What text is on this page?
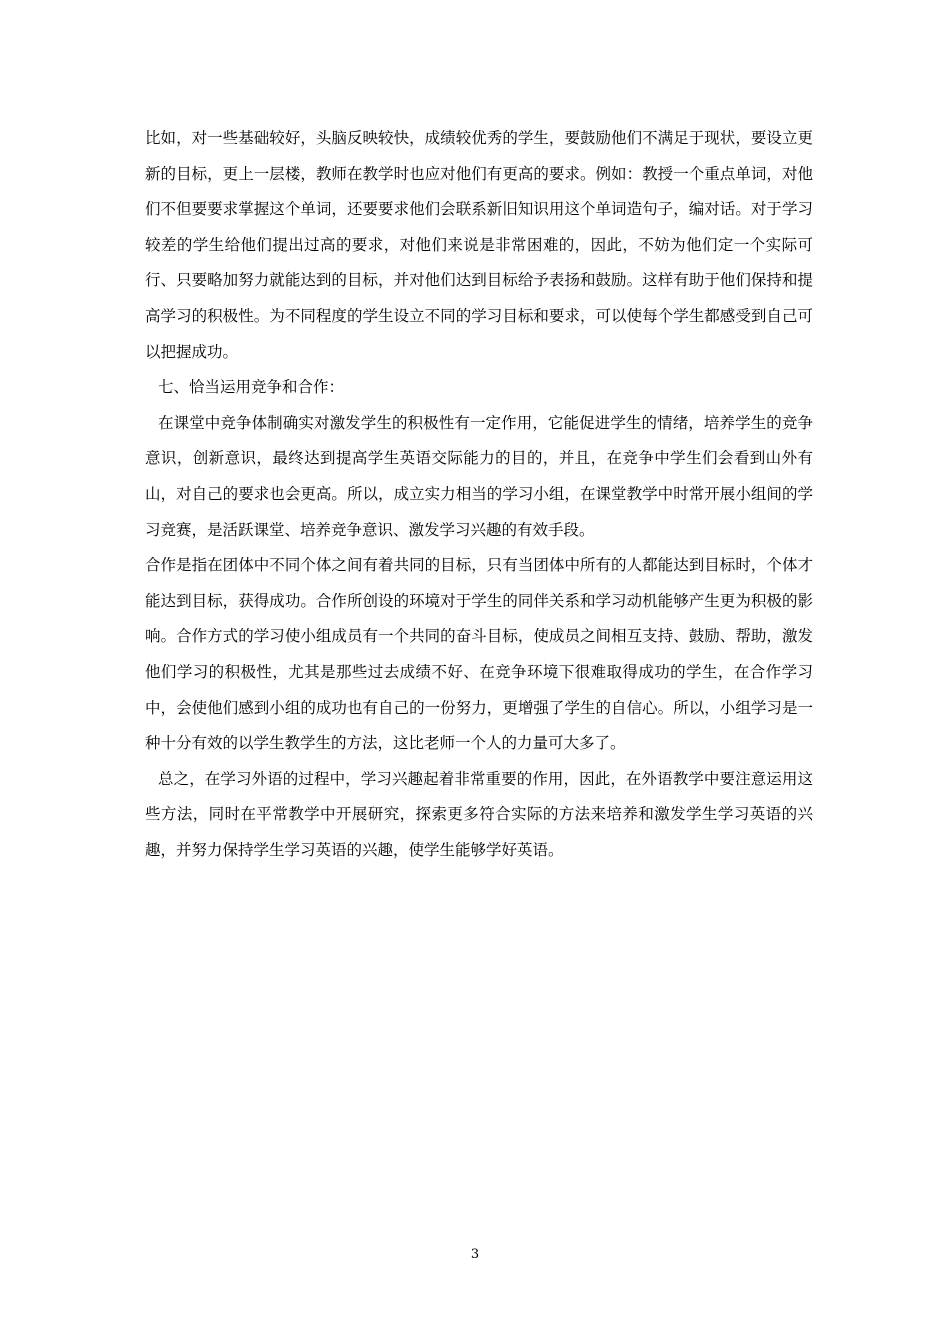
比如，对一些基础较好，头脑反映较快，成绩较优秀的学生，要鼓励他们不满足于现状，要设立更新的目标，更上一层楼，教师在教学时也应对他们有更高的要求。例如：教授一个重点单词，对他们不但要要求掌握这个单词，还要要求他们会联系新旧知识用这个单词造句子，编对话。对于学习较差的学生给他们提出过高的要求，对他们来说是非常困难的，因此，不妨为他们定一个实际可行、只要略加努力就能达到的目标，并对他们达到目标给予表扬和鼓励。这样有助于他们保持和提高学习的积极性。为不同程度的学生设立不同的学习目标和要求，可以使每个学生都感受到自己可以把握成功。

七、恰当运用竞争和合作：

在课堂中竞争体制确实对激发学生的积极性有一定作用，它能促进学生的情绪，培养学生的竞争意识，创新意识，最终达到提高学生英语交际能力的目的，并且，在竞争中学生们会看到山外有山，对自己的要求也会更高。所以，成立实力相当的学习小组，在课堂教学中时常开展小组间的学习竞赛，是活跃课堂、培养竞争意识、激发学习兴趣的有效手段。

合作是指在团体中不同个体之间有着共同的目标，只有当团体中所有的人都能达到目标时，个体才能达到目标，获得成功。合作所创设的环境对于学生的同伴关系和学习动机能够产生更为积极的影响。合作方式的学习使小组成员有一个共同的奋斗目标，使成员之间相互支持、鼓励、帮助，激发他们学习的积极性，尤其是那些过去成绩不好、在竞争环境下很难取得成功的学生，在合作学习中，会使他们感到小组的成功也有自己的一份努力，更增强了学生的自信心。所以，小组学习是一种十分有效的以学生教学生的方法，这比老师一个人的力量可大多了。

总之，在学习外语的过程中，学习兴趣起着非常重要的作用，因此，在外语教学中要注意运用这些方法，同时在平常教学中开展研究，探索更多符合实际的方法来培养和激发学生学习英语的兴趣，并努力保持学生学习英语的兴趣，使学生能够学好英语。

3
